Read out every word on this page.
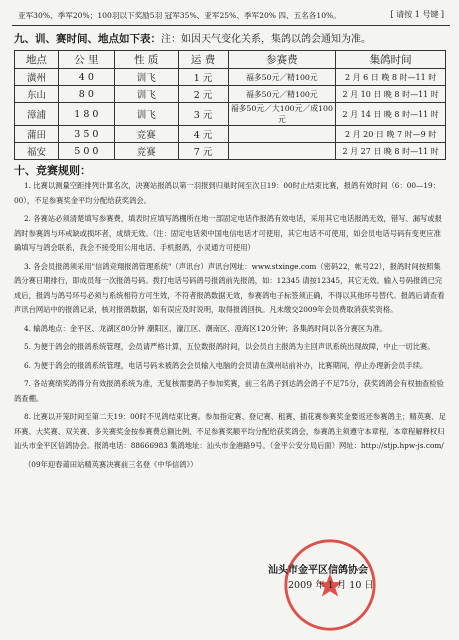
亚军30%、季军20%；100羽以下奖励5羽 冠军35%、亚军25%、季军20% 四、五名各10%。	[ 请按 1 号键 ]
九、训、赛时间、地点如下表：注：如因天气变化关系，集鸽以鸽会通知为准。
地点	公 里	性 质	运 费	参赛费	集鸽时间
潢州	4 0	训飞	1 元	福多50元／精100元	2 月 6 日 晚 8 时—11 时
东山	8 0	训飞	2 元	福多50元／精100元	2 月 10 日 晚 8 时—11 时
漳浦	1 8 0	训飞	3 元	福多50元／大100元／成100元	2 月 14 日 晚 8 时—11 时
蒲田	3 5 0	竞赛	4 元		2 月 20 日 晚 7 时—9 时
福安	5 0 0	竞赛	7 元		2 月 27 日 晚 8 时—11 时
十、竞赛规则：

1. 比赛以测量空距排列计算名次，决赛站报鸽以第一羽报到归巢时间至次日19：00时止结束比赛，报鸽有效时间（6：00—19：00），不足参赛奖金平均分配给获奖鸽会。

2. 各赛站必须清楚填写参赛费，填表时应填写鸽棚所在地一部固定电话作报鸽有效电话，采用其它电话报鸽无效，错写、漏写或报鸽时参赛鸽与环戒缺或损坏者，成绩无效。（注：固定电话须中国电信电话才可使用，其它电话不可使用，如会员电话号码有变更应准确填写与鸽会联系，我会不接受用公用电话、手机报鸽，小灵通方可使用）

3. 各会员报鸽须采用"信鸽竞翔报鸽管理系统"（声讯台）声讯台网址：www.stxinge.com（密码22，帐号22），报鸽时间按照集鸽分赛日期排行，即成员每一次报鸽号码。拨打电话号码鸽号报鸽前先报鸽，如：12345 请按12345，其它无效。输入号码报鸽已完成后，报鸽与鸽号环号必须与系统相符方可生效，不符者报鸽数据无效，参赛鸽电子标签须正确，不得以其他环号替代。报鸽后请查看声讯台网站中的报鸽记录，核对报鸽数据，如有误应及时说明，取得报鸽回执。凡未缴交2009年会员费取消获奖资格。

4. 输鸽地点：金平区、龙湖区80分钟 潮阳区、濠江区、潮南区、澄海区120分钟；各集鸽时间以各分赛区为准。

5. 为便于鸽会的报鸽系统管理，会员请严格计算，五位数报鸽时间，以会员自主报鸽为主回声讯系统出现故障，中止一切比赛。

6. 为便于鸽会的报鸽系统管理，电话号码未被鸽会会员输入电脑的会员请在潢州站前补办，比赛期间，停止办理新会员手续。

7. 各站赛绩奖鸽得分有效报鸽系统为准，无复核需要鸽子参加奖赛，前三名鸽子到达鸽会鸽子不足75分，获奖鸽鸽会有权抽查检验鸽查棚。

8. 比赛以开笼时间至第二天19：00时不见鸽结束比赛。参加指定赛、登记赛、租赛、插花赛参赛奖金要返还参赛鸽主；精英赛、足环赛、大奖赛、双关赛、多关赛奖金按参赛费总额比例、不足参赛奖额平均分配给获奖鸽会，参赛鸽主须遵守本章程，本章程解释权归汕头市金平区信鸽协会。报鸽电话：88666983 集鸽地址：汕头市金港路9号。（金平公安分局后面）网址：http://stjp.hpw-js.com/

（09年迎春莆田站精英赛决赛前三名登《中华信鸽》）

汕头市金平区信鸽协会
2009 年 1 月 10 日
